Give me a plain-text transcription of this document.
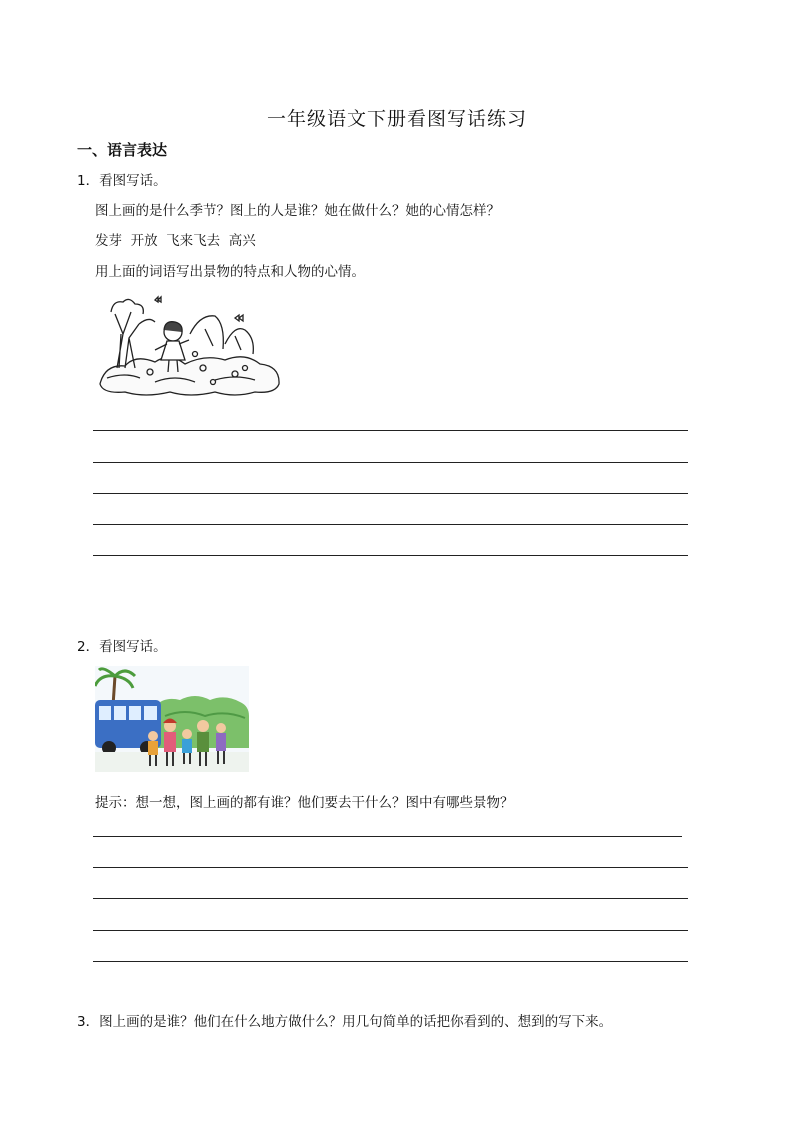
一年级语文下册看图写话练习
一、语言表达
1．看图写话。
图上画的是什么季节？图上的人是谁？她在做什么？她的心情怎样？
发芽  开放  飞来飞去  高兴
用上面的词语写出景物的特点和人物的心情。
2．看图写话。
提示：想一想，图上画的都有谁？他们要去干什么？图中有哪些景物？
3．图上画的是谁？他们在什么地方做什么？用几句简单的话把你看到的、想到的写下来。
